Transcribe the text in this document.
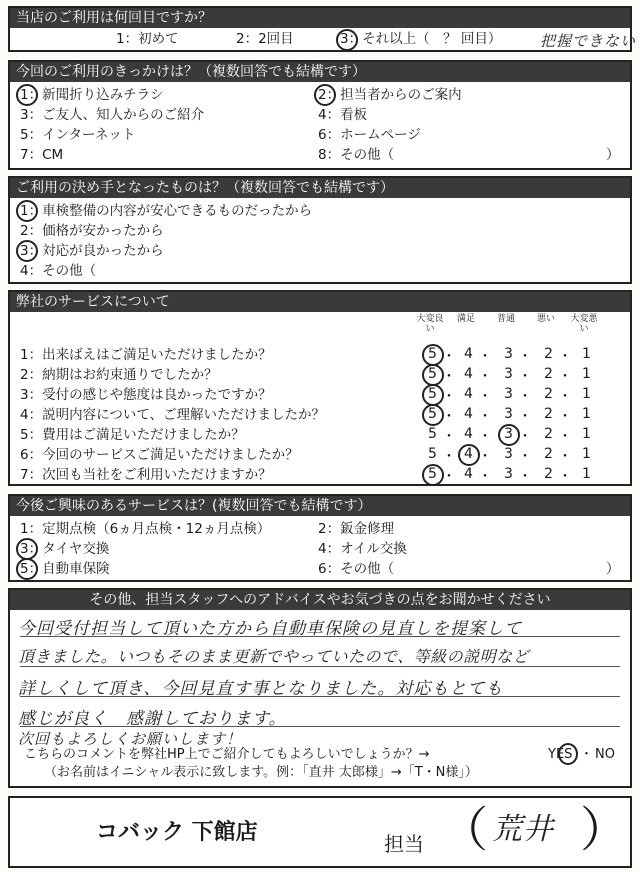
当店のご利用は何回目ですか？
1：初めて	2：2回目	3：それ以上（　？ 回目）	把握できない
今回のご利用のきっかけは？（複数回答でも結構です）
1：新聞折り込みチラシ	2：担当者からのご案内
3：ご友人、知人からのご紹介	4：看板
5：インターネット	6：ホームページ
7：CM	8：その他（	）
ご利用の決め手となったものは？（複数回答でも結構です）
1：車検整備の内容が安心できるものだったから
2：価格が安かったから
3：対応が良かったから
4：その他（
弊社のサービスについて
大変良い
満足	普通	悪い	大変悪い
1：出来ばえはご満足いただけましたか？	5 ・ 4 ・ 3 ・ 2 ・ 1
2：納期はお約束通りでしたか？	5 ・ 4 ・ 3 ・ 2 ・ 1
3：受付の感じや態度は良かったですか？	5 ・ 4 ・ 3 ・ 2 ・ 1
4：説明内容について、ご理解いただけましたか？	5 ・ 4 ・ 3 ・ 2 ・ 1
5：費用はご満足いただけましたか？	5 ・ 4 ・ 3 ・ 2 ・ 1
6：今回のサービスご満足いただけましたか？	5 ・ 4 ・ 3 ・ 2 ・ 1
7：次回も当社をご利用いただけますか？	5 ・ 4 ・ 3 ・ 2 ・ 1
今後ご興味のあるサービスは？(複数回答でも結構です）
1：定期点検（6ヵ月点検・12ヵ月点検）	2：鈑金修理
3：タイヤ交換	4：オイル交換
5：自動車保険	6：その他（	）
その他、担当スタッフへのアドバイスやお気づきの点をお聞かせください
今回受付担当して頂いた方から自動車保険の見直しを提案して
頂きました。いつもそのまま更新でやっていたので、等級の説明など
詳しくして頂き、今回見直す事となりました。対応もとても
感じが良く　感謝しております。
次回もよろしくお願いします！
こちらのコメントを弊社HP上でご紹介してもよろしいでしょうか？→	YES ・ NO
（お名前はイニシャル表示に致します。例：「直井 太郎様」→「T・N様」）
コバック 下館店	担当 （ 荒井 ）
